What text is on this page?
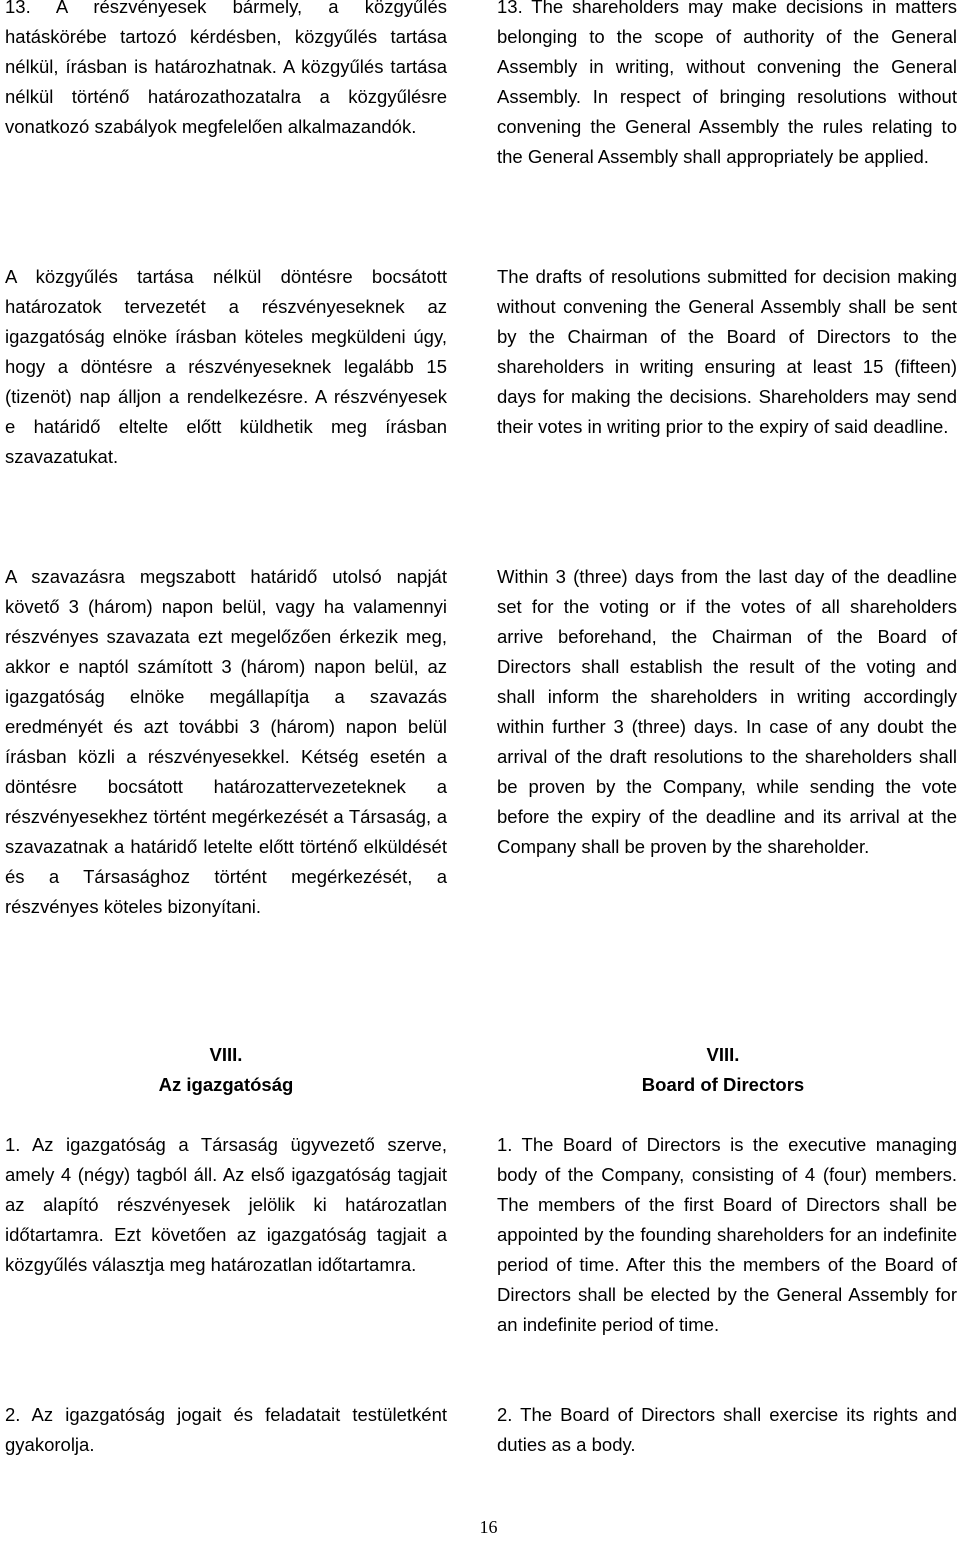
13. A részvényesek bármely, a közgyűlés hatáskörébe tartozó kérdésben, közgyűlés tartása nélkül, írásban is határozhatnak. A közgyűlés tartása nélkül történő határozathozatalra a közgyűlésre vonatkozó szabályok megfelelően alkalmazandók.

A közgyűlés tartása nélkül döntésre bocsátott határozatok tervezetét a részvényeseknek az igazgatóság elnöke írásban köteles megküldeni úgy, hogy a döntésre a részvényeseknek legalább 15 (tizenöt) nap álljon a rendelkezésre. A részvényesek e határidő eltelte előtt küldhetik meg írásban szavazatukat.

A szavazásra megszabott határidő utolsó napját követő 3 (három) napon belül, vagy ha valamennyi részvényes szavazata ezt megelőzően érkezik meg, akkor e naptól számított 3 (három) napon belül, az igazgatóság elnöke megállapítja a szavazás eredményét és azt további 3 (három) napon belül írásban közli a részvényesekkel. Kétség esetén a döntésre bocsátott határozattervezeteknek a részvényesekhez történt megérkezését a Társaság, a szavazatnak a határidő letelte előtt történő elküldését és a Társasághoz történt megérkezését, a részvényes köteles bizonyítani.

VIII.
Az igazgatóság

1. Az igazgatóság a Társaság ügyvezető szerve, amely 4 (négy) tagból áll. Az első igazgatóság tagjait az alapító részvényesek jelölik ki határozatlan időtartamra. Ezt követően az igazgatóság tagjait a közgyűlés választja meg határozatlan időtartamra.

2. Az igazgatóság jogait és feladatait testületként gyakorolja.

13. The shareholders may make decisions in matters belonging to the scope of authority of the General Assembly in writing, without convening the General Assembly. In respect of bringing resolutions without convening the General Assembly the rules relating to the General Assembly shall appropriately be applied.

The drafts of resolutions submitted for decision making without convening the General Assembly shall be sent by the Chairman of the Board of Directors to the shareholders in writing ensuring at least 15 (fifteen) days for making the decisions. Shareholders may send their votes in writing prior to the expiry of said deadline.

Within 3 (three) days from the last day of the deadline set for the voting or if the votes of all shareholders arrive beforehand, the Chairman of the Board of Directors shall establish the result of the voting and shall inform the shareholders in writing accordingly within further 3 (three) days. In case of any doubt the arrival of the draft resolutions to the shareholders shall be proven by the Company, while sending the vote before the expiry of the deadline and its arrival at the Company shall be proven by the shareholder.

VIII.
Board of Directors

1. The Board of Directors is the executive managing body of the Company, consisting of 4 (four) members. The members of the first Board of Directors shall be appointed by the founding shareholders for an indefinite period of time. After this the members of the Board of Directors shall be elected by the General Assembly for an indefinite period of time.

2. The Board of Directors shall exercise its rights and duties as a body.

16
